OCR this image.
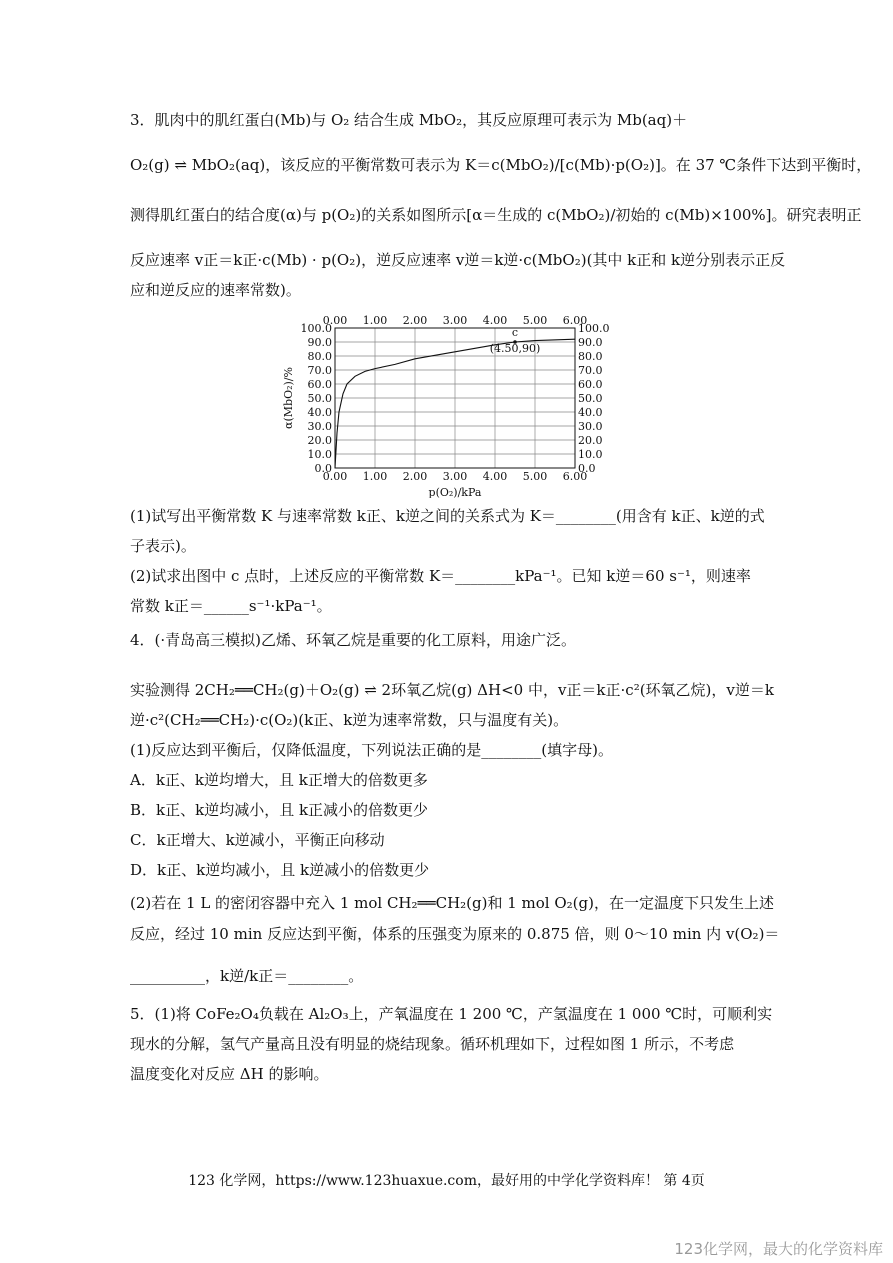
3．肌肉中的肌红蛋白(Mb)与 O₂ 结合生成 MbO₂，其反应原理可表示为 Mb(aq)＋
O₂(g) ⇌ MbO₂(aq)，该反应的平衡常数可表示为 K＝c(MbO₂)/[c(Mb)·p(O₂)]。在 37 ℃条件下达到平衡时，
测得肌红蛋白的结合度(α)与 p(O₂)的关系如图所示[α＝生成的 c(MbO₂)/初始的 c(Mb)×100%]。研究表明正
反应速率 v正＝k正·c(Mb) · p(O₂)，逆反应速率 v逆＝k逆·c(MbO₂)(其中 k正和 k逆分别表示正反
应和逆反应的速率常数)。
0.00
0.00
1.00
1.00
2.00
2.00
3.00
3.00
4.00
4.00
5.00
5.00
6.00
6.00
0.0	0.0
10.0	10.0
20.0	20.0
30.0	30.0
40.0	40.0
50.0	50.0
60.0	60.0
70.0	70.0
80.0	80.0
90.0	90.0
100.0	100.0
p(O₂)/kPa
α(MbO₂)/%
c
(4.50,90)
(1)试写出平衡常数 K 与速率常数 k正、k逆之间的关系式为 K＝________(用含有 k正、k逆的式
子表示)。
(2)试求出图中 c 点时，上述反应的平衡常数 K＝________kPa⁻¹。已知 k逆＝60 s⁻¹，则速率
常数 k正＝______s⁻¹·kPa⁻¹。
4．(·青岛高三模拟)乙烯、环氧乙烷是重要的化工原料，用途广泛。
实验测得 2CH₂══CH₂(g)＋O₂(g) ⇌ 2环氧乙烷(g) ΔH<0 中，v正＝k正·c²(环氧乙烷)，v逆＝k
逆·c²(CH₂══CH₂)·c(O₂)(k正、k逆为速率常数，只与温度有关)。
(1)反应达到平衡后，仅降低温度，下列说法正确的是________(填字母)。
A．k正、k逆均增大，且 k正增大的倍数更多
B．k正、k逆均减小，且 k正减小的倍数更少
C．k正增大、k逆减小，平衡正向移动
D．k正、k逆均减小，且 k逆减小的倍数更少
(2)若在 1 L 的密闭容器中充入 1 mol CH₂══CH₂(g)和 1 mol O₂(g)，在一定温度下只发生上述
反应，经过 10 min 反应达到平衡，体系的压强变为原来的 0.875 倍，则 0～10 min 内 v(O₂)＝
__________，k逆/k正＝________。
5．(1)将 CoFe₂O₄负载在 Al₂O₃上，产氧温度在 1 200 ℃，产氢温度在 1 000 ℃时，可顺利实
现水的分解，氢气产量高且没有明显的烧结现象。循环机理如下，过程如图 1 所示，不考虑
温度变化对反应 ΔH 的影响。
123 化学网，https://www.123huaxue.com，最好用的中学化学资料库！ 第 4页
123化学网，最大的化学资料库
